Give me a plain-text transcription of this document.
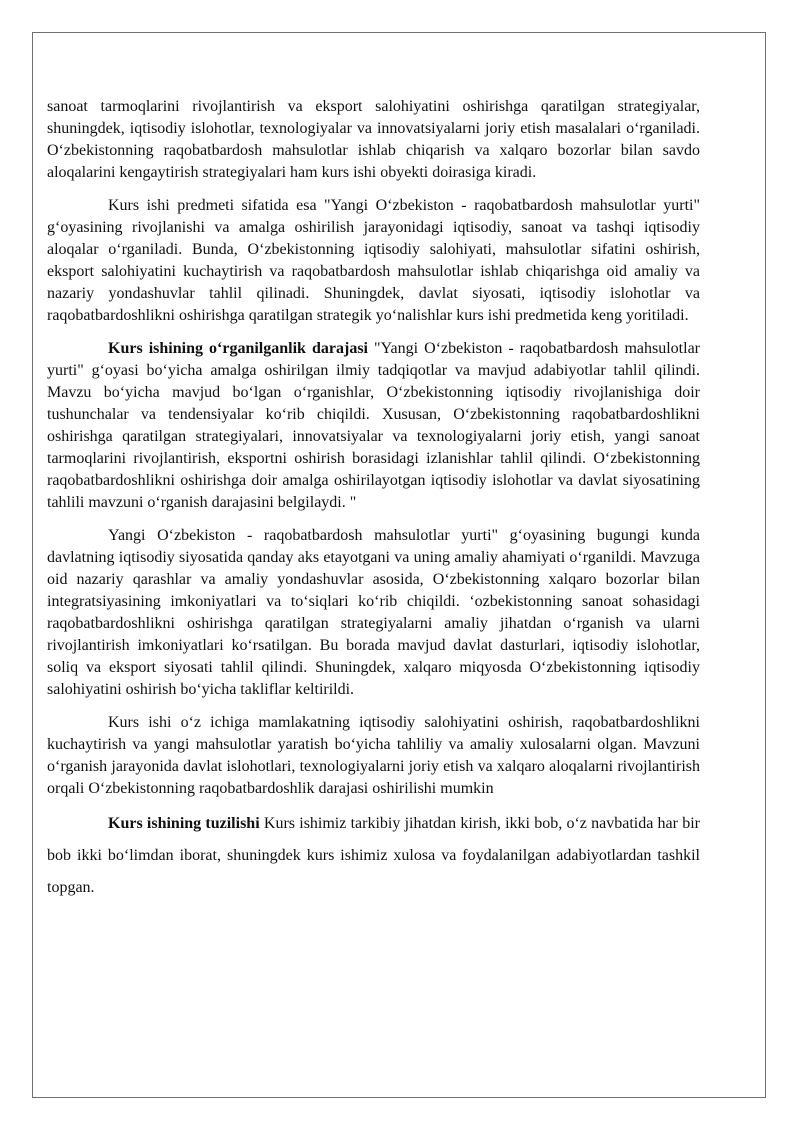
sanoat tarmoqlarini rivojlantirish va eksport salohiyatini oshirishga qaratilgan strategiyalar, shuningdek, iqtisodiy islohotlar, texnologiyalar va innovatsiyalarni joriy etish masalalari o‘rganiladi. O‘zbekistonning raqobatbardosh mahsulotlar ishlab chiqarish va xalqaro bozorlar bilan savdo aloqalarini kengaytirish strategiyalari ham kurs ishi obyekti doirasiga kiradi.

Kurs ishi predmeti sifatida esa "Yangi O‘zbekiston - raqobatbardosh mahsulotlar yurti" g‘oyasining rivojlanishi va amalga oshirilish jarayonidagi iqtisodiy, sanoat va tashqi iqtisodiy aloqalar o‘rganiladi. Bunda, O‘zbekistonning iqtisodiy salohiyati, mahsulotlar sifatini oshirish, eksport salohiyatini kuchaytirish va raqobatbardosh mahsulotlar ishlab chiqarishga oid amaliy va nazariy yondashuvlar tahlil qilinadi. Shuningdek, davlat siyosati, iqtisodiy islohotlar va raqobatbardoshlikni oshirishga qaratilgan strategik yo‘nalishlar kurs ishi predmetida keng yoritiladi.

Kurs ishining o‘rganilganlik darajasi "Yangi O‘zbekiston - raqobatbardosh mahsulotlar yurti" g‘oyasi bo‘yicha amalga oshirilgan ilmiy tadqiqotlar va mavjud adabiyotlar tahlil qilindi. Mavzu bo‘yicha mavjud bo‘lgan o‘rganishlar, O‘zbekistonning iqtisodiy rivojlanishiga doir tushunchalar va tendensiyalar ko‘rib chiqildi. Xususan, O‘zbekistonning raqobatbardoshlikni oshirishga qaratilgan strategiyalari, innovatsiyalar va texnologiyalarni joriy etish, yangi sanoat tarmoqlarini rivojlantirish, eksportni oshirish borasidagi izlanishlar tahlil qilindi. O‘zbekistonning raqobatbardoshlikni oshirishga doir amalga oshirilayotgan iqtisodiy islohotlar va davlat siyosatining tahlili mavzuni o‘rganish darajasini belgilaydi. "

Yangi O‘zbekiston - raqobatbardosh mahsulotlar yurti" g‘oyasining bugungi kunda davlatning iqtisodiy siyosatida qanday aks etayotgani va uning amaliy ahamiyati o‘rganildi. Mavzuga oid nazariy qarashlar va amaliy yondashuvlar asosida, O‘zbekistonning xalqaro bozorlar bilan integratsiyasining imkoniyatlari va to‘siqlari ko‘rib chiqildi. ‘ozbekistonning sanoat sohasidagi raqobatbardoshlikni oshirishga qaratilgan strategiyalarni amaliy jihatdan o‘rganish va ularni rivojlantirish imkoniyatlari ko‘rsatilgan. Bu borada mavjud davlat dasturlari, iqtisodiy islohotlar, soliq va eksport siyosati tahlil qilindi. Shuningdek, xalqaro miqyosda O‘zbekistonning iqtisodiy salohiyatini oshirish bo‘yicha takliflar keltirildi.

Kurs ishi o‘z ichiga mamlakatning iqtisodiy salohiyatini oshirish, raqobatbardoshlikni kuchaytirish va yangi mahsulotlar yaratish bo‘yicha tahliliy va amaliy xulosalarni olgan. Mavzuni o‘rganish jarayonida davlat islohotlari, texnologiyalarni joriy etish va xalqaro aloqalarni rivojlantirish orqali O‘zbekistonning raqobatbardoshlik darajasi oshirilishi mumkin

Kurs ishining tuzilishi Kurs ishimiz tarkibiy jihatdan kirish, ikki bob, o‘z navbatida har bir bob ikki bo‘limdan iborat, shuningdek kurs ishimiz xulosa va foydalanilgan adabiyotlardan tashkil topgan.
